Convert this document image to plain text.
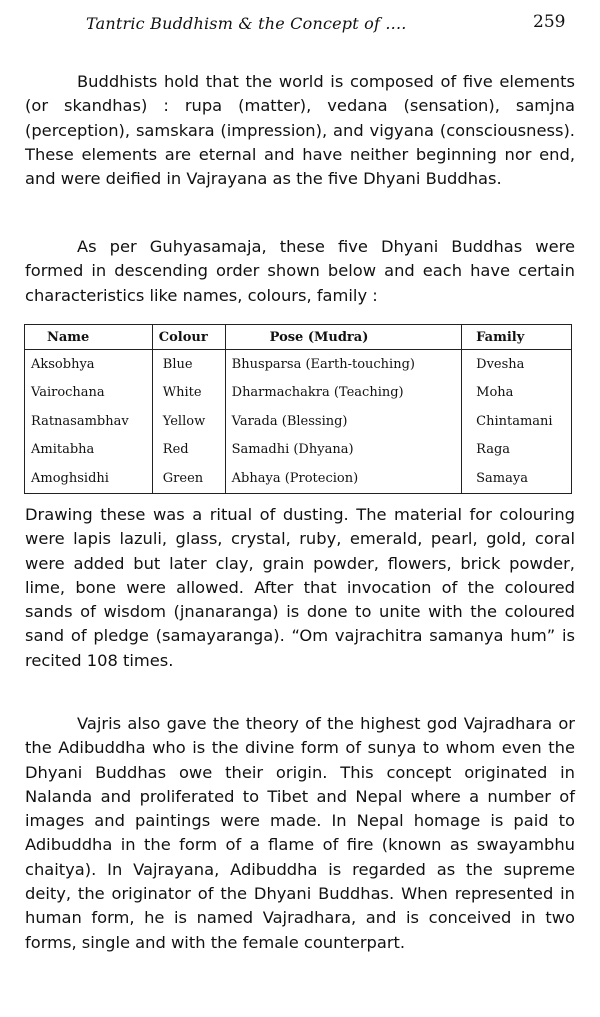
Tantric Buddhism & the Concept of ....	259

Buddhists hold that the world is composed of five elements (or skandhas) : rupa (matter), vedana (sensation), samjna (perception), samskara (impression), and vigyana (consciousness). These elements are eternal and have neither beginning nor end, and were deified in Vajrayana as the five Dhyani Buddhas.

As per Guhyasamaja, these five Dhyani Buddhas were formed in descending order shown below and each have certain characteristics like names, colours, family :

Name	Colour	Pose (Mudra)	Family
Aksobhya	Blue	Bhusparsa (Earth-touching)	Dvesha
Vairochana	White	Dharmachakra (Teaching)	Moha
Ratnasambhav	Yellow	Varada (Blessing)	Chintamani
Amitabha	Red	Samadhi (Dhyana)	Raga
Amoghsidhi	Green	Abhaya (Protecion)	Samaya

Drawing these was a ritual of dusting. The material for colouring were lapis lazuli, glass, crystal, ruby, emerald, pearl, gold, coral were added but later clay, grain powder, flowers, brick powder, lime, bone were allowed. After that invocation of the coloured sands of wisdom (jnanaranga) is done to unite with the coloured sand of pledge (samayaranga). “Om vajrachitra samanya hum” is recited 108 times.

Vajris also gave the theory of the highest god Vajradhara or the Adibuddha who is the divine form of sunya to whom even the Dhyani Buddhas owe their origin. This concept originated in Nalanda and proliferated to Tibet and Nepal where a number of images and paintings were made. In Nepal homage is paid to Adibuddha in the form of a flame of fire (known as swayambhu chaitya). In Vajrayana, Adibuddha is regarded as the supreme deity, the originator of the Dhyani Buddhas. When represented in human form, he is named Vajradhara, and is conceived in two forms, single and with the female counterpart.
